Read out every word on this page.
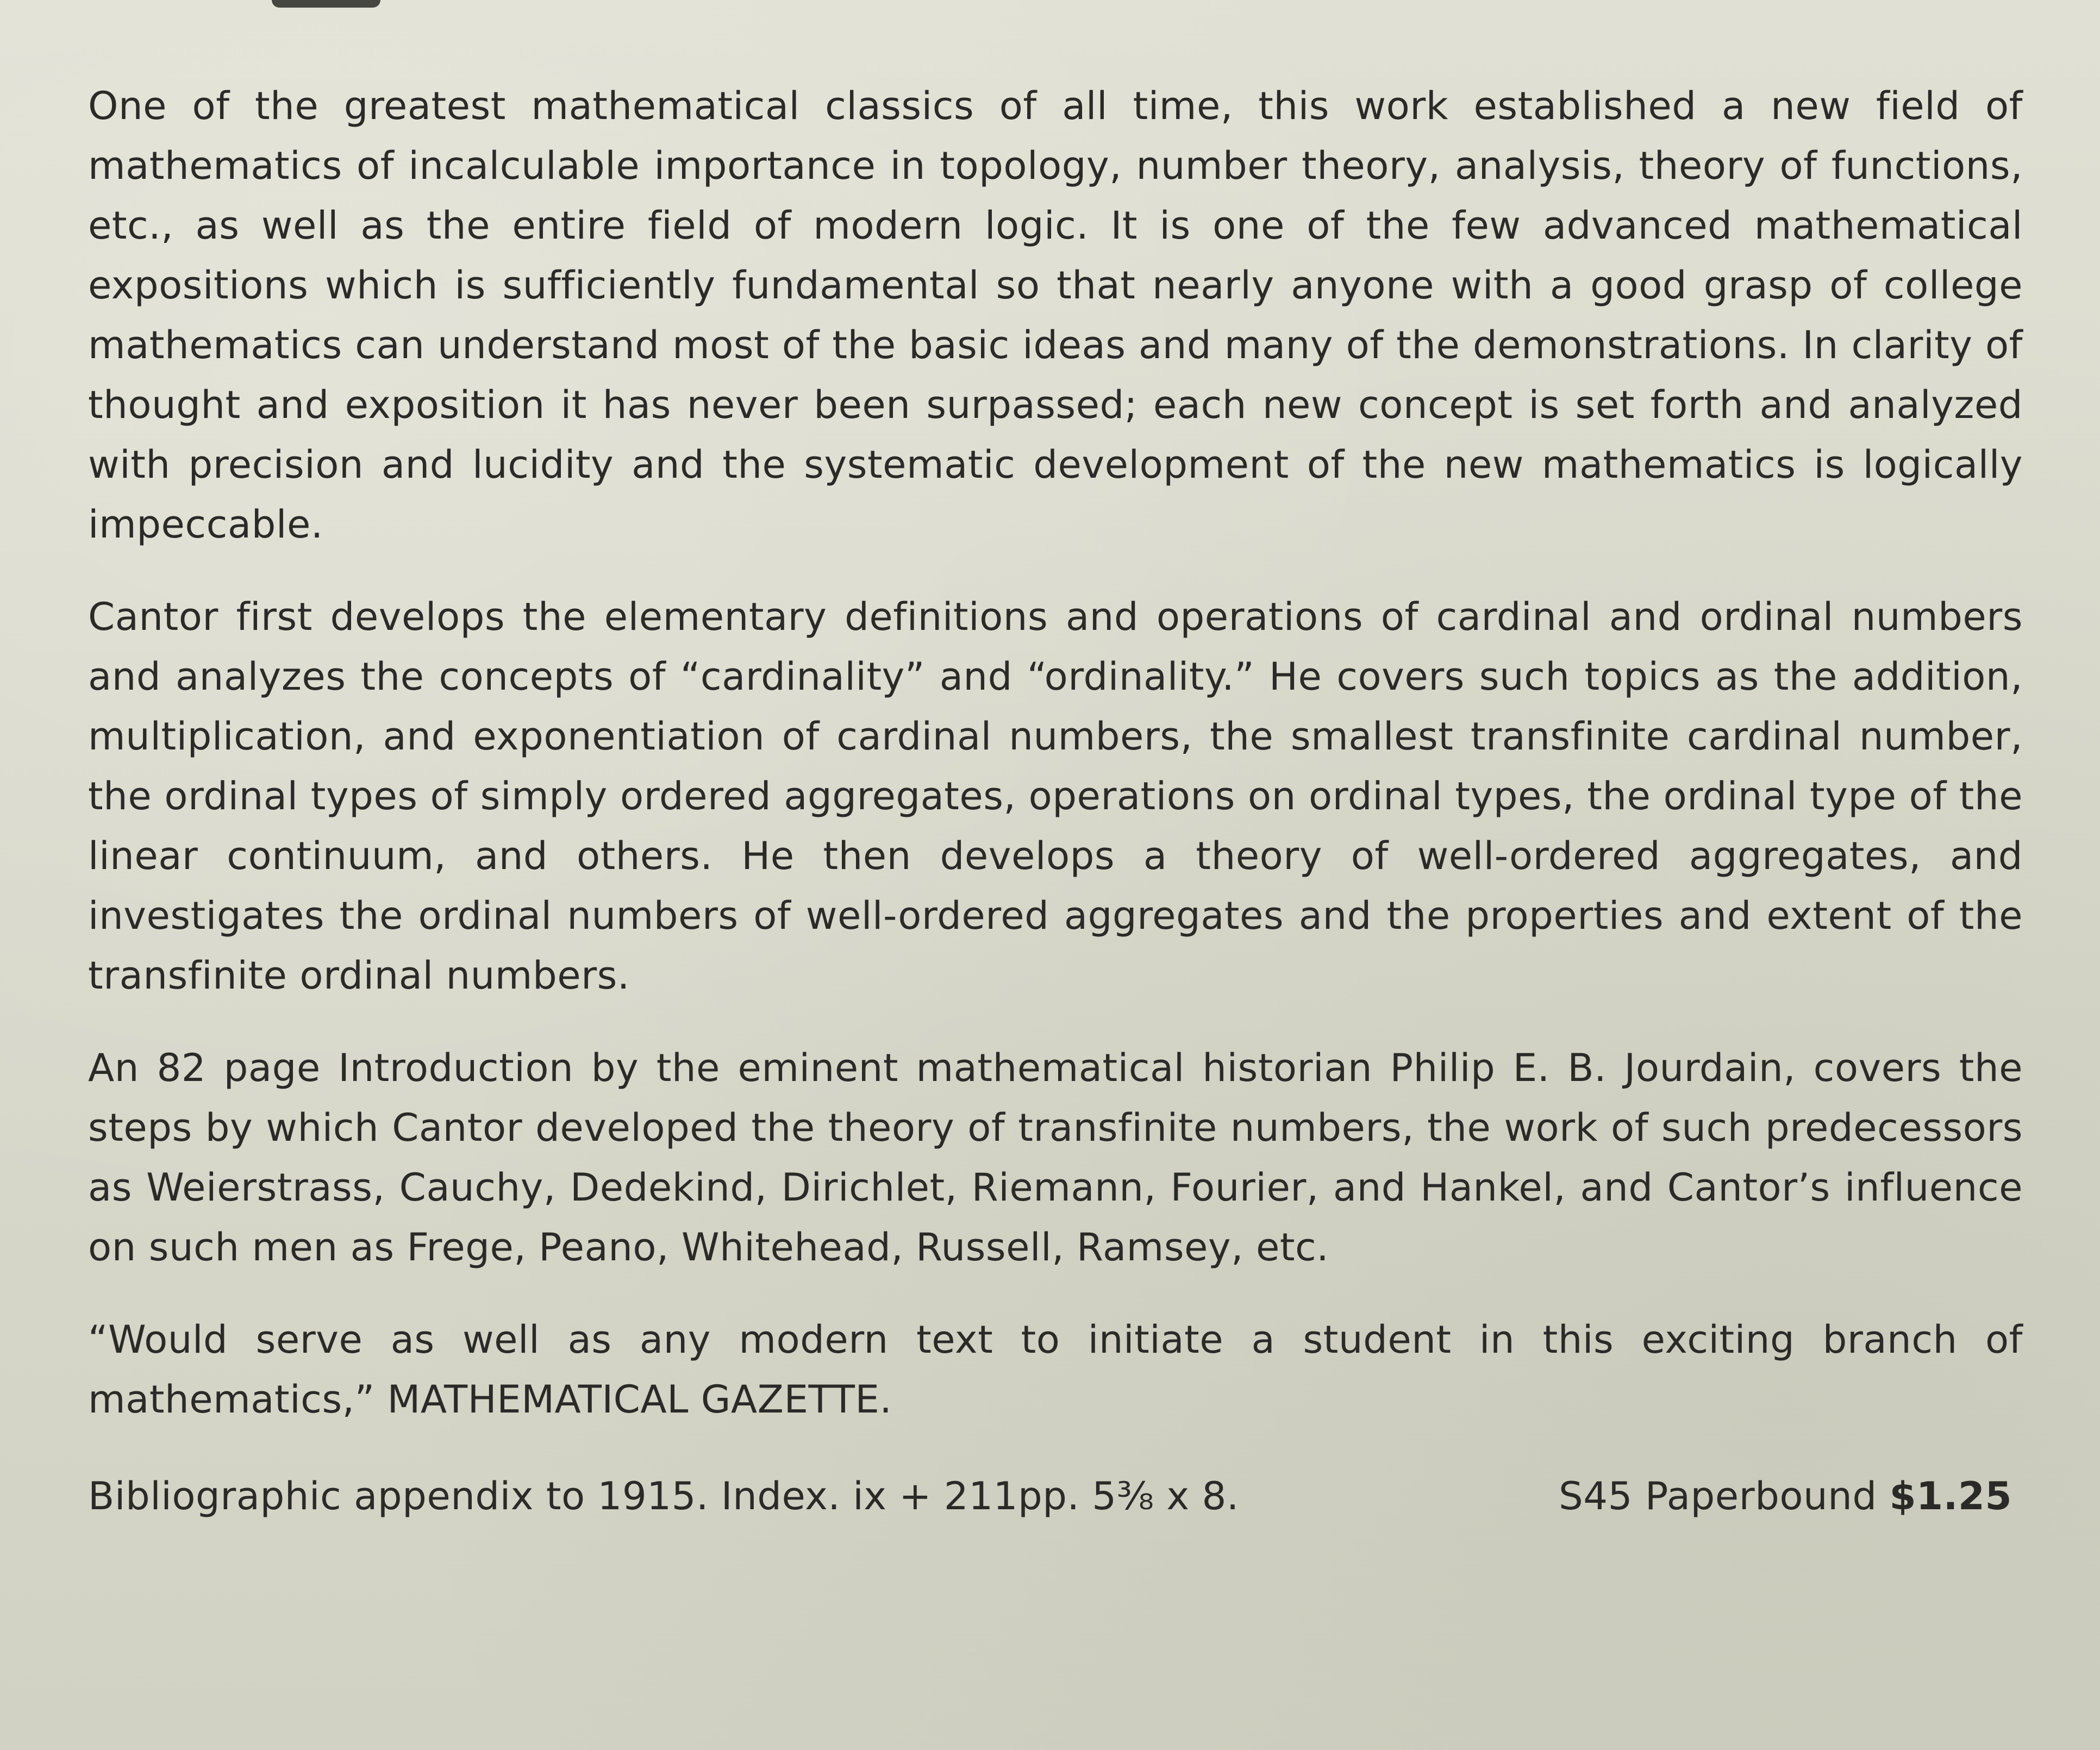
One of the greatest mathematical classics of all time, this work established a new field of mathematics of incalculable importance in topology, number theory, analysis, theory of functions, etc., as well as the entire field of modern logic. It is one of the few advanced mathematical expositions which is sufficiently fundamental so that nearly anyone with a good grasp of college mathematics can understand most of the basic ideas and many of the demonstrations. In clarity of thought and exposition it has never been surpassed; each new concept is set forth and analyzed with precision and lucidity and the systematic development of the new mathematics is logically impeccable.

Cantor first develops the elementary definitions and operations of cardinal and ordinal numbers and analyzes the concepts of “cardinality” and “ordinality.” He covers such topics as the addition, multiplication, and exponentiation of cardinal numbers, the smallest transfinite cardinal number, the ordinal types of simply ordered aggregates, operations on ordinal types, the ordinal type of the linear continuum, and others. He then develops a theory of well-ordered aggregates, and investigates the ordinal numbers of well-ordered aggregates and the properties and extent of the transfinite ordinal numbers.

An 82 page Introduction by the eminent mathematical historian Philip E. B. Jourdain, covers the steps by which Cantor developed the theory of transfinite numbers, the work of such predecessors as Weierstrass, Cauchy, Dedekind, Dirichlet, Riemann, Fourier, and Hankel, and Cantor’s influence on such men as Frege, Peano, Whitehead, Russell, Ramsey, etc.

“Would serve as well as any modern text to initiate a student in this exciting branch of mathematics,” MATHEMATICAL GAZETTE.

Bibliographic appendix to 1915. Index. ix + 211pp. 5⅜ x 8.	S45 Paperbound $1.25
